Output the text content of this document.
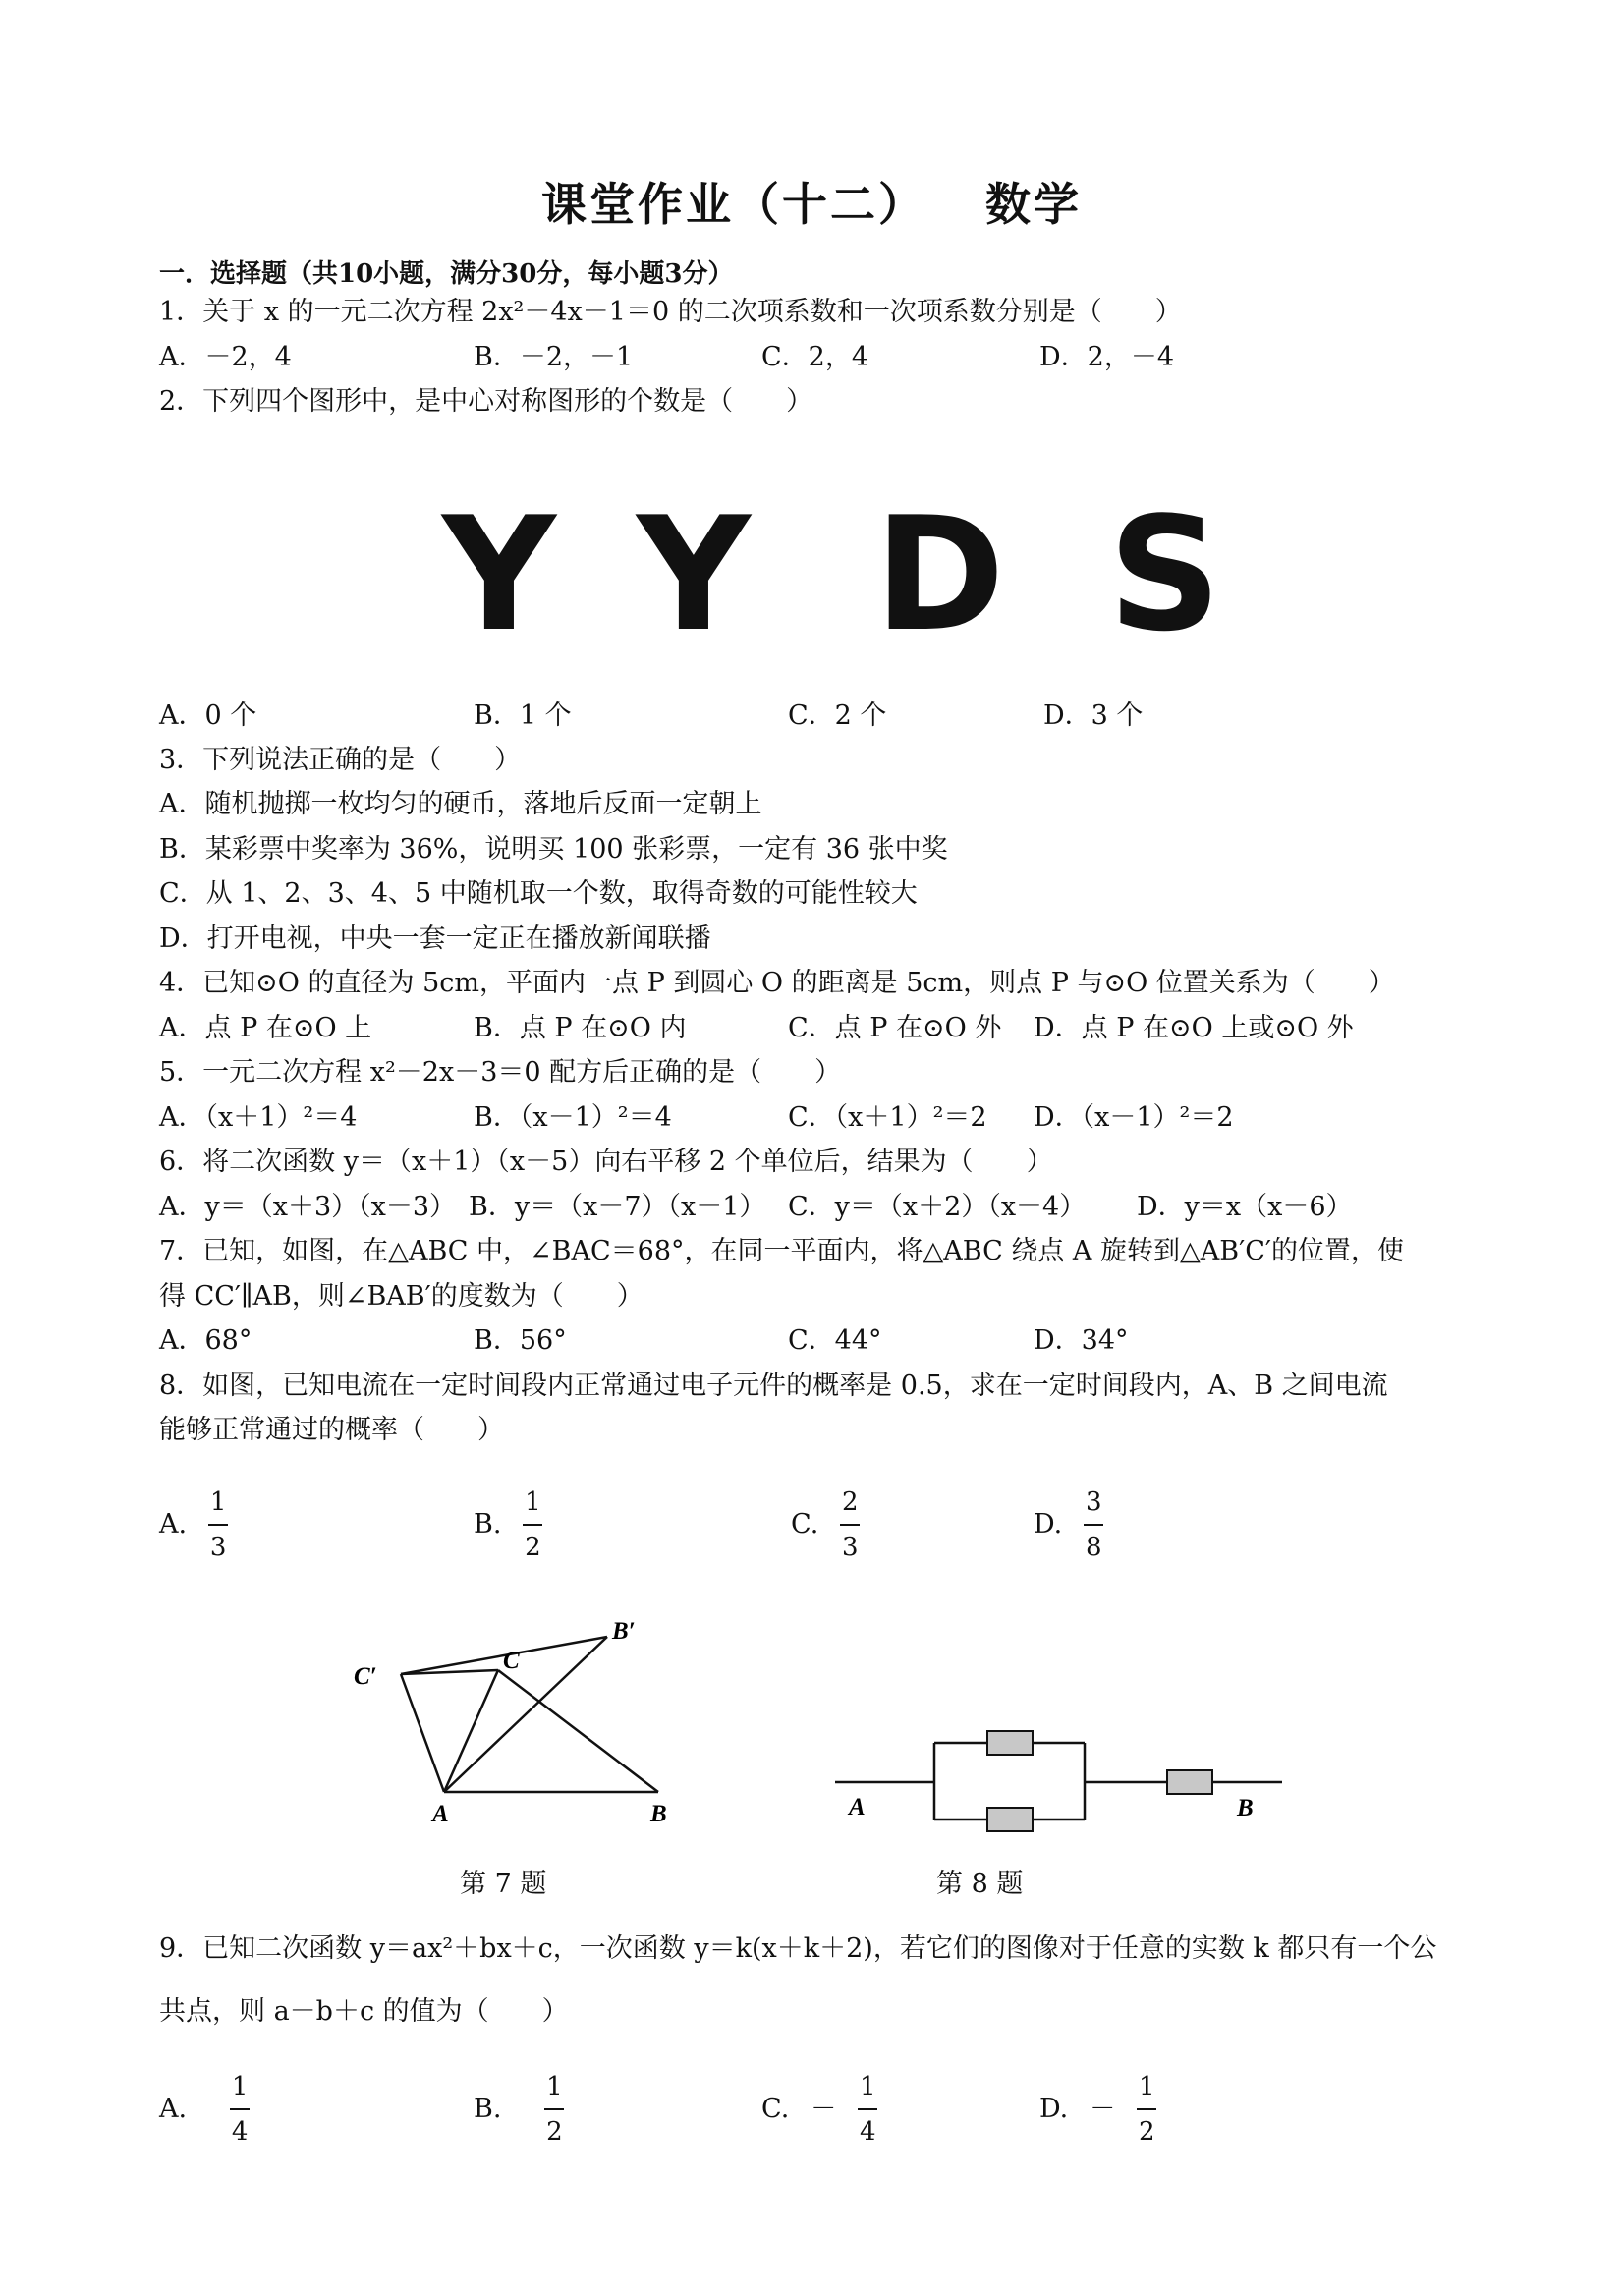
课堂作业（十二） 数学
一．选择题（共10小题，满分30分，每小题3分）
1．关于 x 的一元二次方程 2x²－4x－1＝0 的二次项系数和一次项系数分别是（　　）
A．－2，4	B．－2，－1	C．2，4	D．2，－4
2．下列四个图形中，是中心对称图形的个数是（　　）
Y Y D S
A．0 个	B．1 个	C．2 个	D．3 个
3．下列说法正确的是（　　）
A．随机抛掷一枚均匀的硬币，落地后反面一定朝上
B．某彩票中奖率为 36%，说明买 100 张彩票，一定有 36 张中奖
C．从 1、2、3、4、5 中随机取一个数，取得奇数的可能性较大
D．打开电视，中央一套一定正在播放新闻联播
4．已知⊙O 的直径为 5cm，平面内一点 P 到圆心 O 的距离是 5cm，则点 P 与⊙O 位置关系为（　　）
A．点 P 在⊙O 上	B．点 P 在⊙O 内	C．点 P 在⊙O 外 D．点 P 在⊙O 上或⊙O 外
5．一元二次方程 x²－2x－3＝0 配方后正确的是（　　）
A．（x＋1）²＝4	B．（x－1）²＝4	C．（x＋1）²＝2 D．（x－1）²＝2
6．将二次函数 y＝（x＋1）（x－5）向右平移 2 个单位后，结果为（　　）
A．y＝（x＋3）（x－3） B．y＝（x－7）（x－1） C．y＝（x＋2）（x－4） D．y＝x（x－6）
7．已知，如图，在△ABC 中，∠BAC＝68°，在同一平面内，将△ABC 绕点 A 旋转到△AB′C′的位置，使
得 CC′∥AB，则∠BAB′的度数为（　　）
A．68°	B．56°	C．44°	D．34°
8．如图，已知电流在一定时间段内正常通过电子元件的概率是 0.5，求在一定时间段内，A、B 之间电流
能够正常通过的概率（　　）
A. $\frac{1}{3}$	B. $\frac{1}{2}$	C. $\frac{2}{3}$	D. $\frac{3}{8}$
B′
C′
C
A	B
第 7 题
A	B
第 8 题
9．已知二次函数 y＝ax²＋bx＋c，一次函数 y＝k(x＋k＋2)，若它们的图像对于任意的实数 k 都只有一个公
共点，则 a－b＋c 的值为（　　）
A. $\frac{1}{4}$	B. $\frac{1}{2}$	C. － $\frac{1}{4}$	D. － $\frac{1}{2}$
